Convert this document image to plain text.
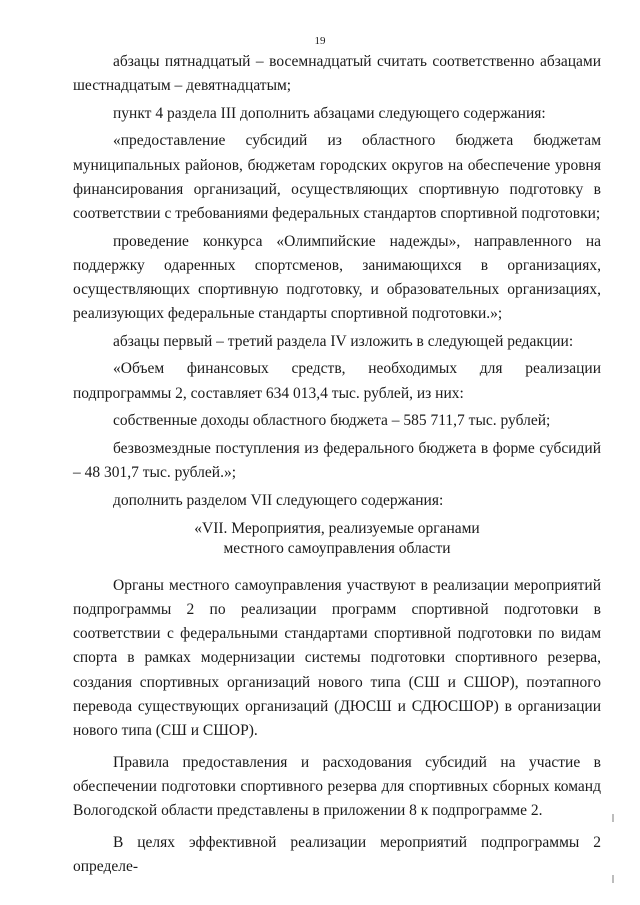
19

абзацы пятнадцатый – восемнадцатый считать соответственно абзацами шестнадцатым – девятнадцатым;

пункт 4 раздела III дополнить абзацами следующего содержания:

«предоставление субсидий из областного бюджета бюджетам муниципальных районов, бюджетам городских округов на обеспечение уровня финансирования организаций, осуществляющих спортивную подготовку в соответствии с требованиями федеральных стандартов спортивной подготовки;

проведение конкурса «Олимпийские надежды», направленного на поддержку одаренных спортсменов, занимающихся в организациях, осуществляющих спортивную подготовку, и образовательных организациях, реализующих федеральные стандарты спортивной подготовки.»;

абзацы первый – третий раздела IV изложить в следующей редакции:

«Объем финансовых средств, необходимых для реализации подпрограммы 2, составляет 634 013,4 тыс. рублей, из них:

собственные доходы областного бюджета – 585 711,7 тыс. рублей;

безвозмездные поступления из федерального бюджета в форме субсидий – 48 301,7 тыс. рублей.»;

дополнить разделом VII следующего содержания:

«VII. Мероприятия, реализуемые органами
местного самоуправления области

Органы местного самоуправления участвуют в реализации мероприятий подпрограммы 2 по реализации программ спортивной подготовки в соответствии с федеральными стандартами спортивной подготовки по видам спорта в рамках модернизации системы подготовки спортивного резерва, создания спортивных организаций нового типа (СШ и СШОР), поэтапного перевода существующих организаций (ДЮСШ и СДЮСШОР) в организации нового типа (СШ и СШОР).

Правила предоставления и расходования субсидий на участие в обеспечении подготовки спортивного резерва для спортивных сборных команд Вологодской области представлены в приложении 8 к подпрограмме 2.

В целях эффективной реализации мероприятий подпрограммы 2 определе-
